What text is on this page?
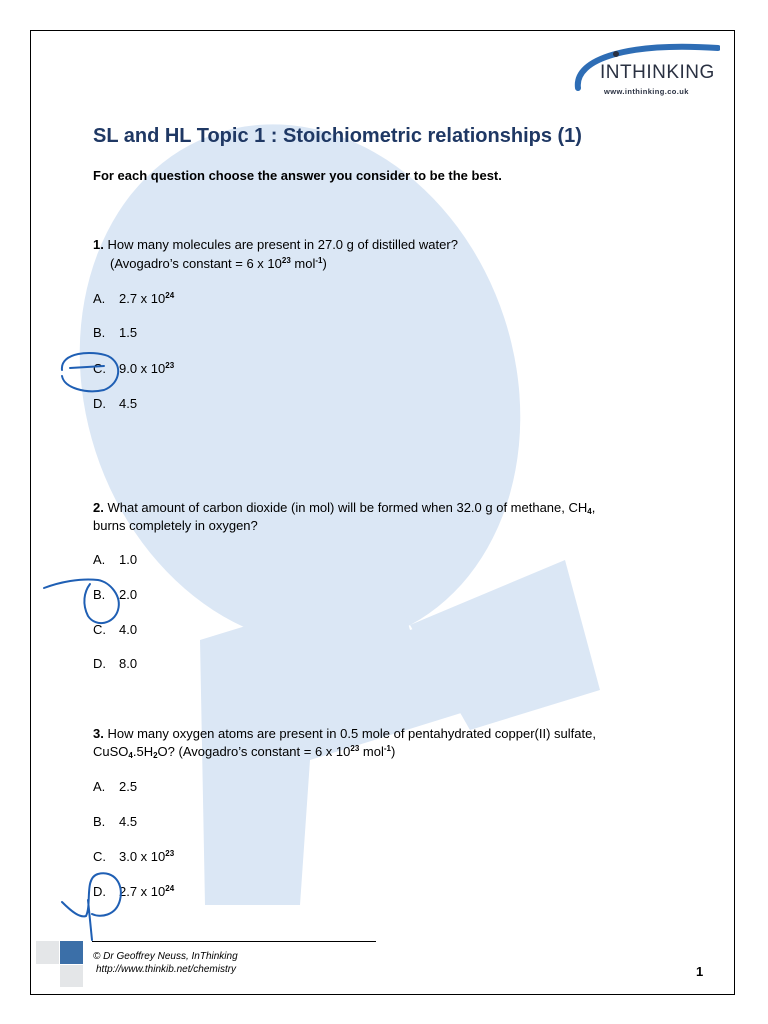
INTHINKING
www.inthinking.co.uk
SL and HL Topic 1 : Stoichiometric relationships (1)
For each question choose the answer you consider to be the best.
1. How many molecules are present in 27.0 g of distilled water?
(Avogadro’s constant = 6 x $10^{23}$ mol$^{-1}$)
A. 2.7 x $10^{24}$
B. 1.5
C. 9.0 x $10^{23}$
D. 4.5
2. What amount of carbon dioxide (in mol) will be formed when 32.0 g of methane, $CH_4$,
burns completely in oxygen?
A. 1.0
B. 2.0
C. 4.0
D. 8.0
3. How many oxygen atoms are present in 0.5 mole of pentahydrated copper(II) sulfate,
$CuSO_4.5H_2O$? (Avogadro’s constant = 6 x $10^{23}$ mol$^{-1}$)
A. 2.5
B. 4.5
C. 3.0 x $10^{23}$
D. 2.7 x $10^{24}$
© Dr Geoffrey Neuss, InThinking
http://www.thinkib.net/chemistry	1
